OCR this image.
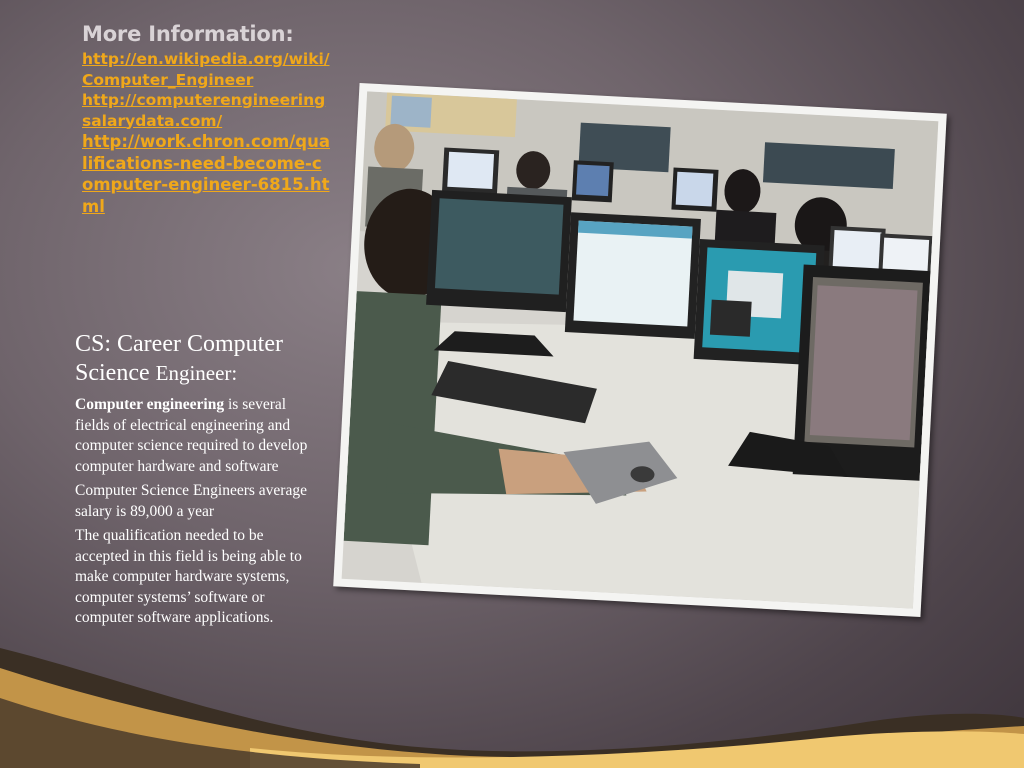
More Information:
http://en.wikipedia.org/wiki/Computer_Engineer
http://computerengineeringsalarydata.com/
http://work.chron.com/qualifications-need-become-computer-engineer-6815.html
CS: Career Computer
Science Engineer:

Computer engineering is several fields of electrical engineering and computer science required to develop computer hardware and software

Computer Science Engineers average salary is 89,000 a year

The qualification needed to be accepted in this field is being able to make computer hardware systems, computer systems’ software or computer software applications.
